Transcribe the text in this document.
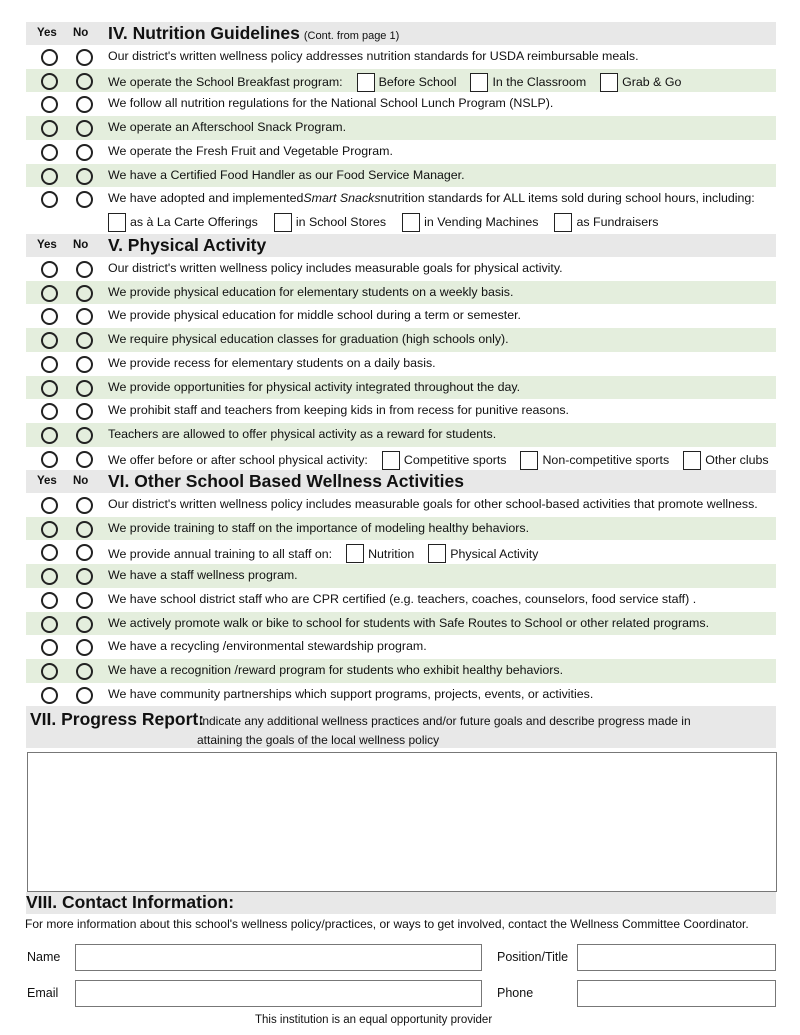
Yes No IV. Nutrition Guidelines (Cont. from page 1)
Our district's written wellness policy addresses nutrition standards for USDA reimbursable meals.
We operate the School Breakfast program:	Before School	In the Classroom	Grab & Go
We follow all nutrition regulations for the National School Lunch Program (NSLP).
We operate an Afterschool Snack Program.
We operate the Fresh Fruit and Vegetable Program.
We have a Certified Food Handler as our Food Service Manager.
We have adopted and implemented Smart Snacks nutrition standards for ALL items sold during school hours, including:
as à La Carte Offerings	in School Stores	in Vending Machines	as Fundraisers
Yes No V. Physical Activity
Our district's written wellness policy includes measurable goals for physical activity.
We provide physical education for elementary students on a weekly basis.
We provide physical education for middle school during a term or semester.
We require physical education classes for graduation (high schools only).
We provide recess for elementary students on a daily basis.
We provide opportunities for physical activity integrated throughout the day.
We prohibit staff and teachers from keeping kids in from recess for punitive reasons.
Teachers are allowed to offer physical activity as a reward for students.
We offer before or after school physical activity:	Competitive sports	Non-competitive sports	Other clubs
Yes No VI. Other School Based Wellness Activities
Our district's written wellness policy includes measurable goals for other school-based activities that promote wellness.
We provide training to staff on the importance of modeling healthy behaviors.
We provide annual training to all staff on:	Nutrition	Physical Activity
We have a staff wellness program.
We have school district staff who are CPR certified (e.g. teachers, coaches, counselors, food service staff) .
We actively promote walk or bike to school for students with Safe Routes to School or other related programs.
We have a recycling /environmental stewardship program.
We have a recognition /reward program for students who exhibit healthy behaviors.
We have community partnerships which support programs, projects, events, or activities.
VII. Progress Report:
Indicate any additional wellness practices and/or future goals and describe progress made in
attaining the goals of the local wellness policy
VIII. Contact Information:
For more information about this school's wellness policy/practices, or ways to get involved, contact the Wellness Committee Coordinator.
Name	Position/Title
Email	Phone
This institution is an equal opportunity provider
